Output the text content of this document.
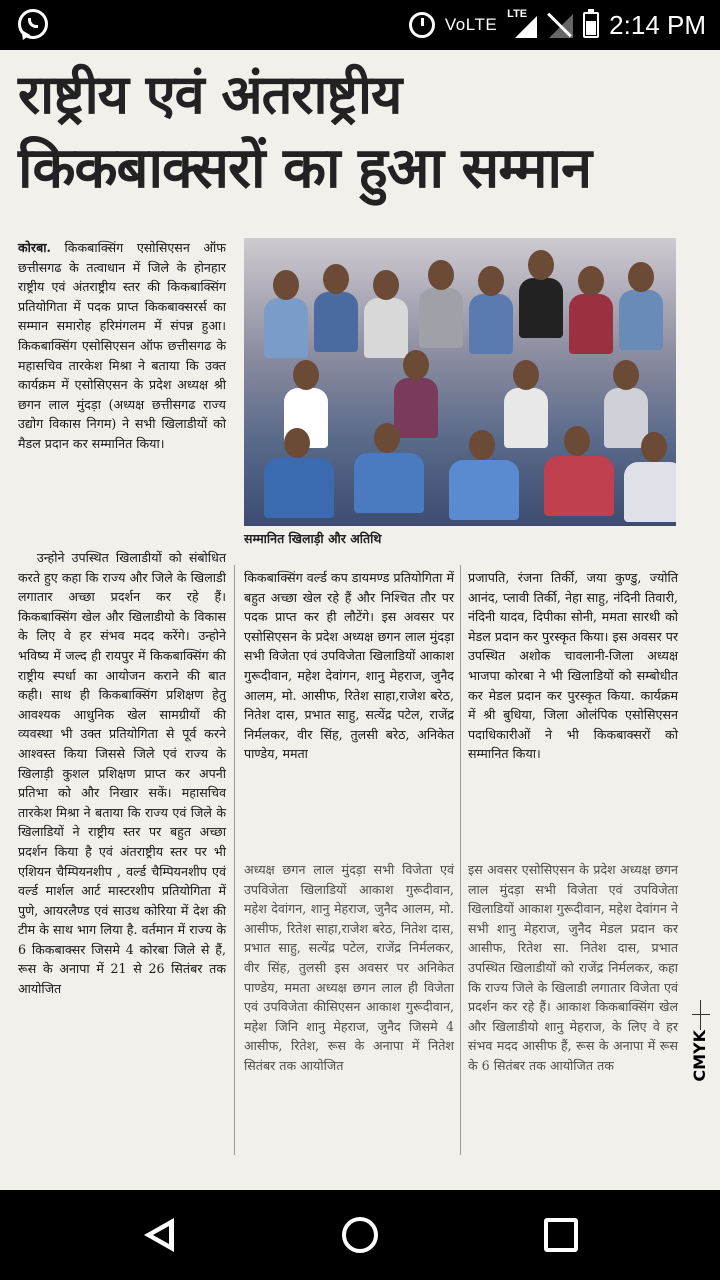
VoLTE
LTE	2:14 PM
राष्ट्रीय एवं अंतराष्ट्रीय
किकबाक्सरों का हुआ सम्मान
कोरबा. किकबाक्सिंग एसोसिएसन ऑफ छत्तीसगढ के तत्वाधान में जिले के होनहार राष्ट्रीय एवं अंतराष्ट्रीय स्तर की किकबाक्सिंग प्रतियोगिता में पदक प्राप्त किकबाक्सरर्स का सम्मान समारोह हरिमंगलम में संपन्न हुआ। किकबाक्सिंग एसोसिएसन ऑफ छत्तीसगढ के महासचिव तारकेश मिश्रा ने बताया कि उक्त कार्यक्रम में एसोसिएसन के प्रदेश अध्यक्ष श्री छगन लाल मुंदड़ा (अध्यक्ष छत्तीसगढ राज्य उद्योग विकास निगम) ने सभी खिलाडीयों को मैडल प्रदान कर सम्मानित किया।
सम्मानित खिलाड़ी और अतिथि
उन्होने उपस्थित खिलाडीयों को संबोधित करते हुए कहा कि राज्य और जिले के खिलाडी लगातार अच्छा प्रदर्शन कर रहे हैं। किकबाक्सिंग खेल और खिलाडीयो के विकास के लिए वे हर संभव मदद करेंगे। उन्होने भविष्य में जल्द ही रायपुर में किकबाक्सिंग की राष्ट्रीय स्पर्धा का आयोजन कराने की बात कही। साथ ही किकबाक्सिंग प्रशिक्षण हेतु आवश्यक आधुनिक खेल सामग्रीयों की व्यवस्था भी उक्त प्रतियोगिता से पूर्व करने आश्वस्त किया जिससे जिले एवं राज्य के खिलाड़ी कुशल प्रशिक्षण प्राप्त कर अपनी प्रतिभा को और निखार सकें। महासचिव तारकेश मिश्रा ने बताया कि राज्य एवं जिले के खिलाडियों ने राष्ट्रीय स्तर पर बहुत अच्छा प्रदर्शन किया है एवं अंतराष्ट्रीय स्तर पर भी एशियन चैम्पियनशीप , वर्ल्ड चैम्पियनशीप एवं वर्ल्ड मार्शल आर्ट मास्टरशीप प्रतियोगिता में पुणे, आयरलैण्ड एवं साउथ कोरिया में देश की टीम के साथ भाग लिया है. वर्तमान में राज्य के 6 किकबाक्सर जिसमे 4 कोरबा जिले से हैं, रूस के अनापा में 21 से 26 सितंबर तक आयोजित
किकबाक्सिंग वर्ल्ड कप डायमण्ड प्रतियोगिता में बहुत अच्छा खेल रहे हैं और निश्चित तौर पर पदक प्राप्त कर ही लौटेंगे। इस अवसर पर एसोसिएसन के प्रदेश अध्यक्ष छगन लाल मुंदड़ा सभी विजेता एवं उपविजेता खिलाडियों आकाश गुरूदीवान, महेश देवांगन, शानु मेहराज, जुनैद आलम, मो. आसीफ, रितेश साहा,राजेश बरेठ, नितेश दास, प्रभात साहु, सत्येंद्र पटेल, राजेंद्र निर्मलकर, वीर सिंह, तुलसी बरेठ, अनिकेत पाण्डेय, ममता
अध्यक्ष छगन लाल मुंदड़ा सभी विजेता एवं उपविजेता खिलाडियों आकाश गुरूदीवान, महेश देवांगन, शानु मेहराज, जुनैद आलम, मो. आसीफ, रितेश साहा,राजेश बरेठ, नितेश दास, प्रभात साहु, सत्येंद्र पटेल, राजेंद्र निर्मलकर, वीर सिंह, तुलसी इस अवसर पर अनिकेत पाण्डेय, ममता अध्यक्ष छगन लाल ही विजेता एवं उपविजेता कीसिएसन आकाश गुरूदीवान, महेश जिनि शानु मेहराज, जुनैद जिसमे 4 आसीफ, रितेश, रूस के अनापा में नितेश सितंबर तक आयोजित
प्रजापति, रंजना तिर्की, जया कुण्डु, ज्योति आनंद, प्लावी तिर्की, नेहा साहु, नंदिनी तिवारी, नंदिनी यादव, दिपीका सोनी, ममता सारथी को मेडल प्रदान कर पुरस्कृत किया। इस अवसर पर उपस्थित अशोक चावलानी-जिला अध्यक्ष भाजपा कोरबा ने भी खिलाडियों को सम्बोधीत कर मेडल प्रदान कर पुरस्कृत किया. कार्यक्रम में श्री बुधिया, जिला ओलंपिक एसोसिएसन पदाधिकारीओं ने भी किकबाक्सरों को सम्मानित किया।
इस अवसर एसोसिएसन के प्रदेश अध्यक्ष छगन लाल मुंदड़ा सभी विजेता एवं उपविजेता खिलाडियों आकाश गुरूदीवान, महेश देवांगन ने सभी शानु मेहराज, जुनैद मेडल प्रदान कर आसीफ, रितेश सा. नितेश दास, प्रभात उपस्थित खिलाडीयों को राजेंद्र निर्मलकर, कहा कि राज्य जिले के खिलाडी लगातार विजेता एवं प्रदर्शन कर रहे हैं। आकाश किकबाक्सिंग खेल और खिलाडीयो शानु मेहराज, के लिए वे हर संभव मदद आसीफ हैं, रूस के अनापा में रूस के 6 सितंबर तक आयोजित तक	CMYK
